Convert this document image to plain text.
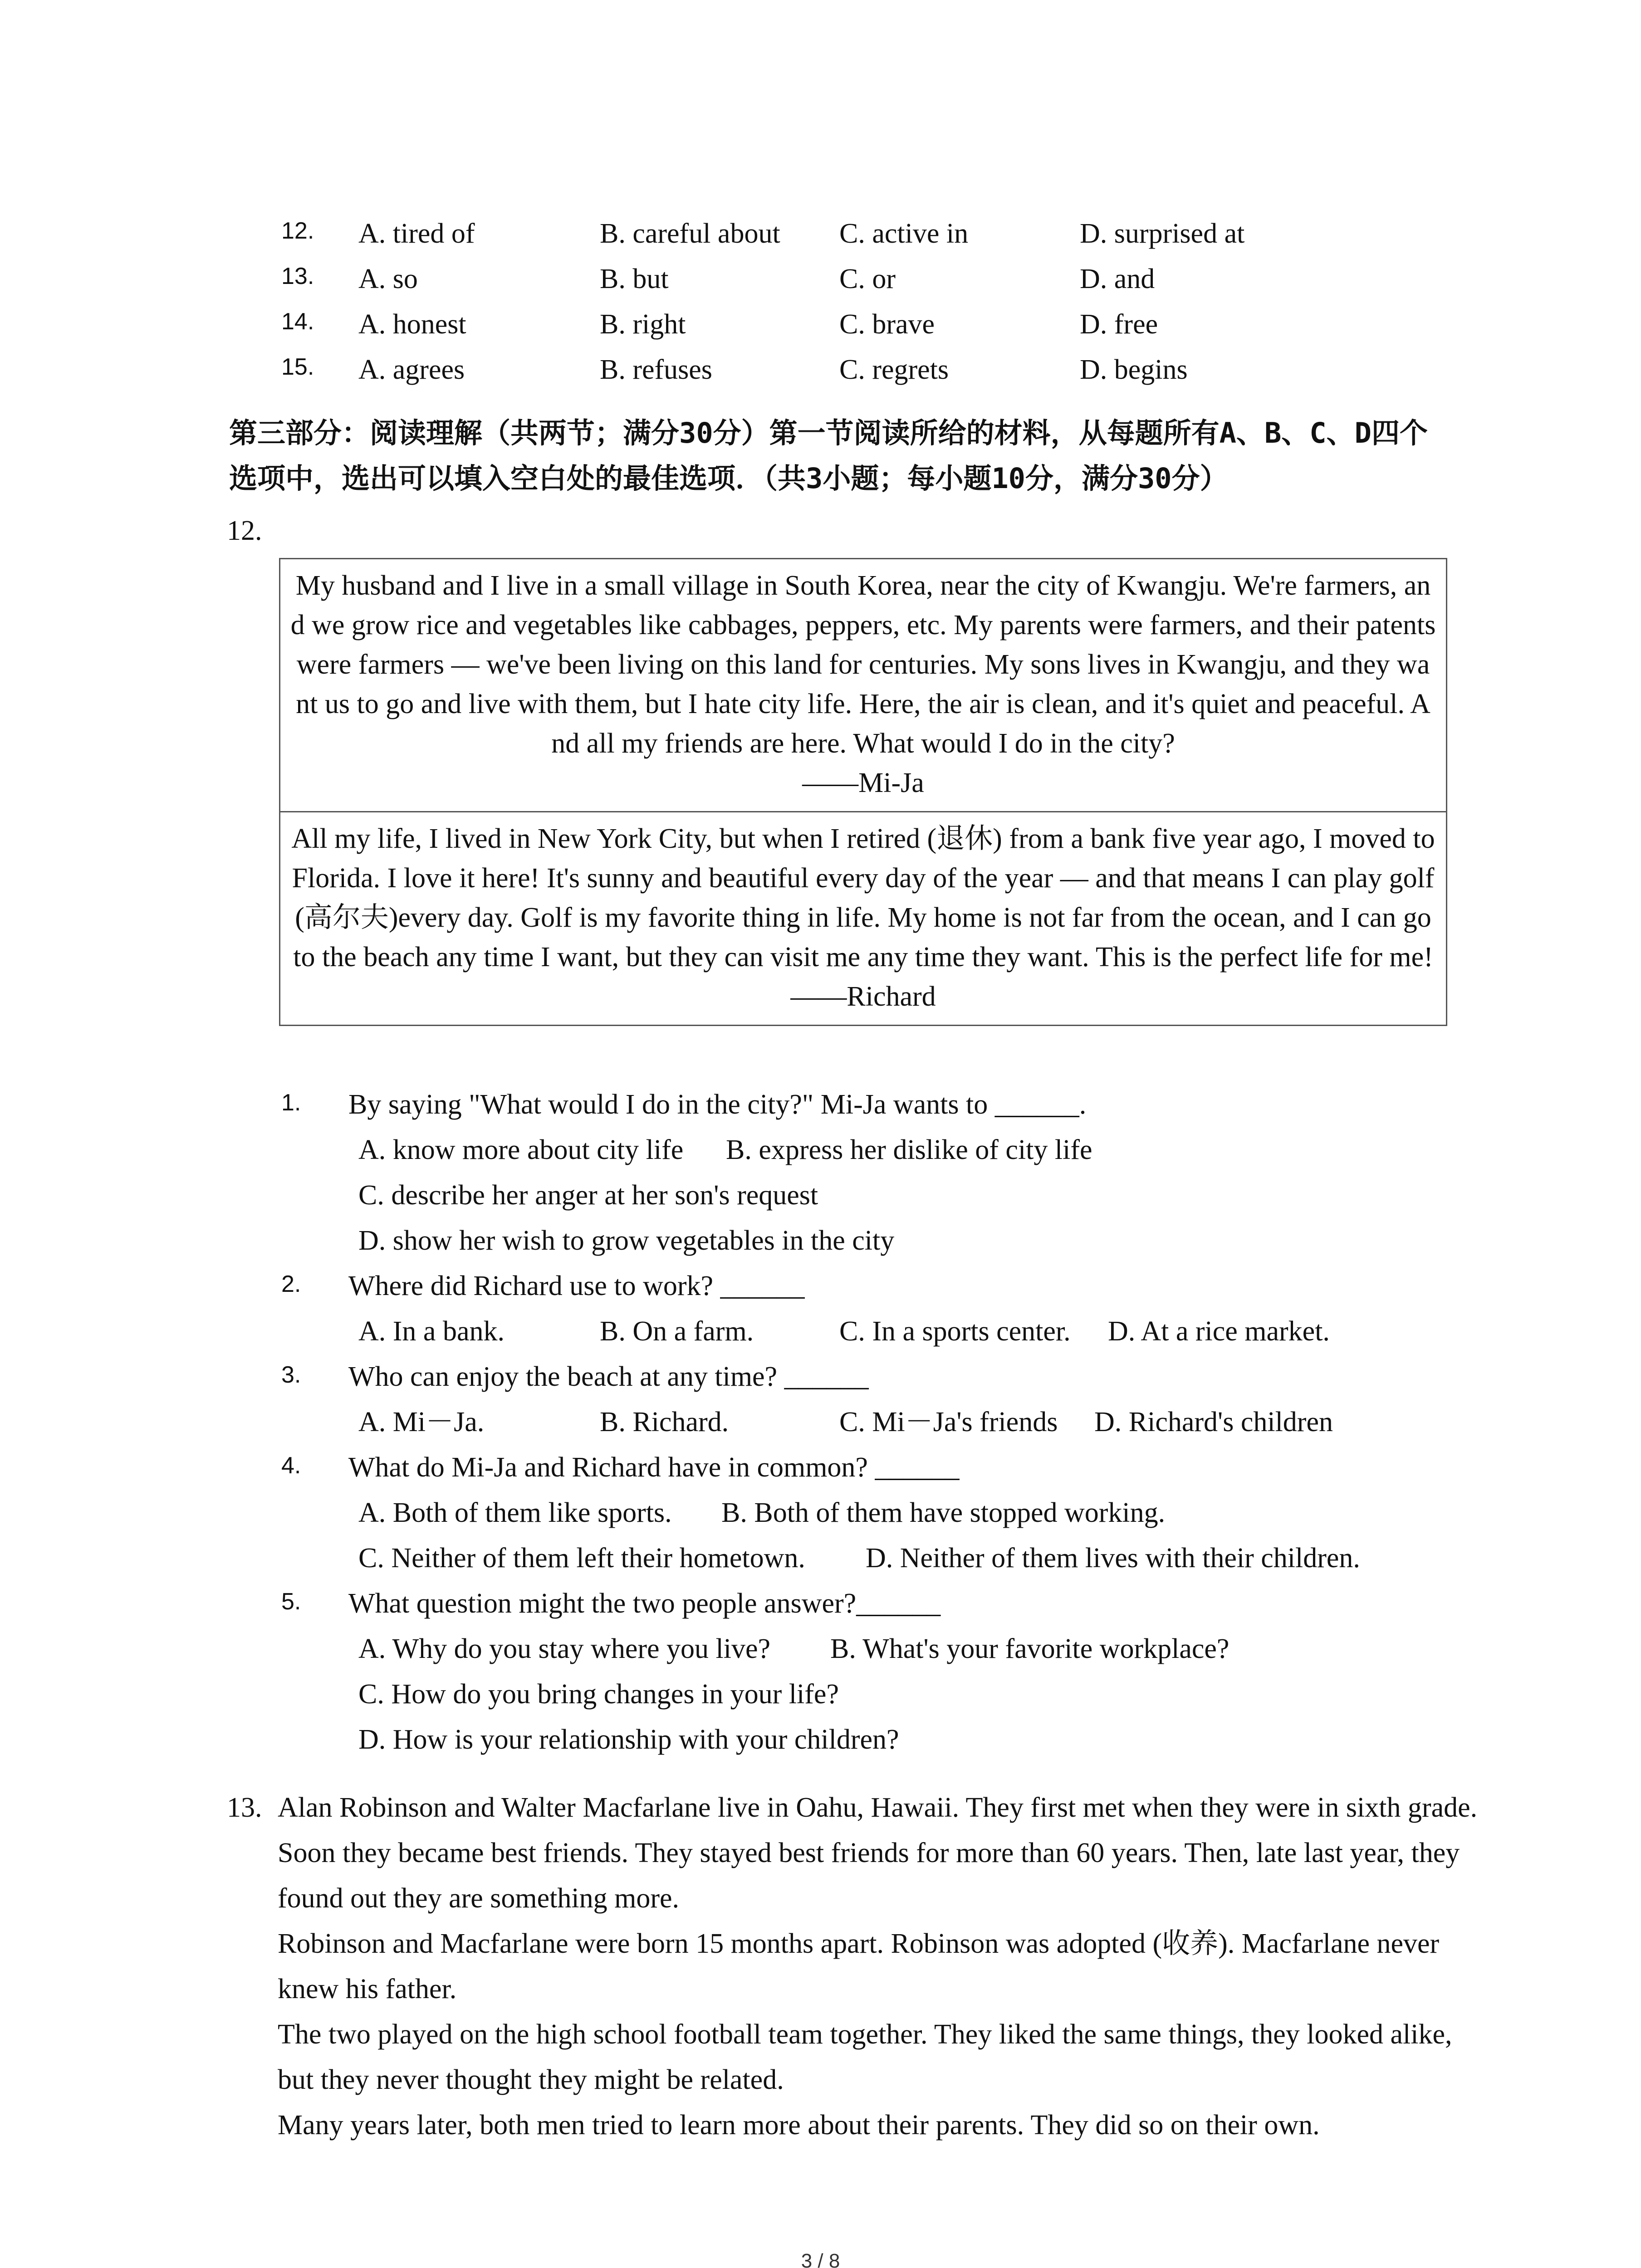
12. A. tired of	B. careful about C. active in	D. surprised at
13. A. so	B. but	C. or	D. and
14. A. honest	B. right	C. brave	D. free
15. A. agrees	B. refuses	C. regrets	D. begins
第三部分：阅读理解（共两节；满分30分）第一节阅读所给的材料，从每题所有A、B、C、D四个选项中，选出可以填入空白处的最佳选项．（共3小题；每小题10分，满分30分）
12.
My husband and I live in a small village in South Korea, near the city of Kwangju. We're farmers, and we grow rice and vegetables like cabbages, peppers, etc. My parents were farmers, and their patents were farmers — we've been living on this land for centuries. My sons lives in Kwangju, and they want us to go and live with them, but I hate city life. Here, the air is clean, and it's quiet and peaceful. And all my friends are here. What would I do in the city?
——Mi-Ja
All my life, I lived in New York City, but when I retired (退休) from a bank five year ago, I moved to Florida. I love it here! It's sunny and beautiful every day of the year — and that means I can play golf (高尔夫)every day. Golf is my favorite thing in life. My home is not far from the ocean, and I can go to the beach any time I want, but they can visit me any time they want. This is the perfect life for me!
——Richard
1. By saying "What would I do in the city?" Mi-Ja wants to ______.
A. know more about city life B. express her dislike of city life
C. describe her anger at her son's request
D. show her wish to grow vegetables in the city
2. Where did Richard use to work? ______
A. In a bank.	B. On a farm.	C. In a sports center. D. At a rice market.
3. Who can enjoy the beach at any time? ______
A. Mi－Ja.	B. Richard.	C. Mi－Ja's friends D. Richard's children
4. What do Mi-Ja and Richard have in common? ______
A. Both of them like sports. B. Both of them have stopped working.
C. Neither of them left their hometown. D. Neither of them lives with their children.
5. What question might the two people answer?______
A. Why do you stay where you live? B. What's your favorite workplace?
C. How do you bring changes in your life?
D. How is your relationship with your children?
13. Alan Robinson and Walter Macfarlane live in Oahu, Hawaii. They first met when they were in sixth grade. Soon they became best friends. They stayed best friends for more than 60 years. Then, late last year, they found out they are something more.

Robinson and Macfarlane were born 15 months apart. Robinson was adopted (收养). Macfarlane never knew his father.

The two played on the high school football team together. They liked the same things, they looked alike, but they never thought they might be related.

Many years later, both men tried to learn more about their parents. They did so on their own.

3 / 8
